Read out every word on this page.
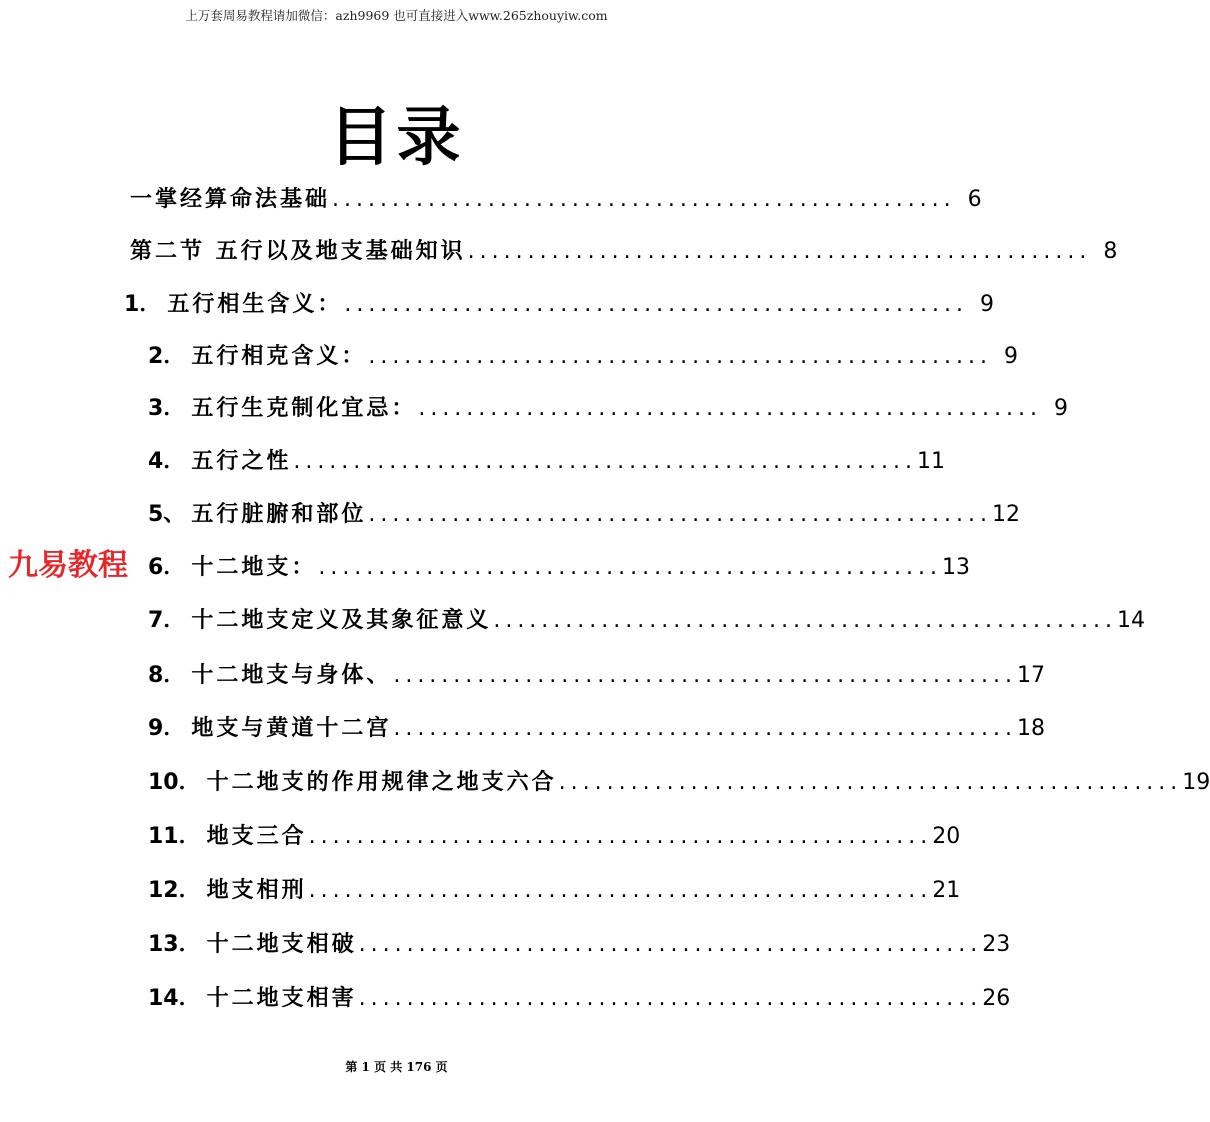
上万套周易教程请加微信：azh9969 也可直接进入www.265zhouyiw.com
目录
九易教程
一掌经算命法基础 .................................................... 6
第二节 五行以及地支基础知识 .................................................... 8
1． 五行相生含义： .................................................... 9
2． 五行相克含义： .................................................... 9
3． 五行生克制化宜忌： .................................................... 9
4． 五行之性 .................................................... 11
5、 五行脏腑和部位 .................................................... 12
6． 十二地支： .................................................... 13
7． 十二地支定义及其象征意义 .................................................... 14
8． 十二地支与身体、 .................................................... 17
9． 地支与黄道十二宫 .................................................... 18
10． 十二地支的作用规律之地支六合 .................................................... 19
11． 地支三合 .................................................... 20
12． 地支相刑 .................................................... 21
13． 十二地支相破 .................................................... 23
14． 十二地支相害 .................................................... 26
第 1 页 共 176 页
